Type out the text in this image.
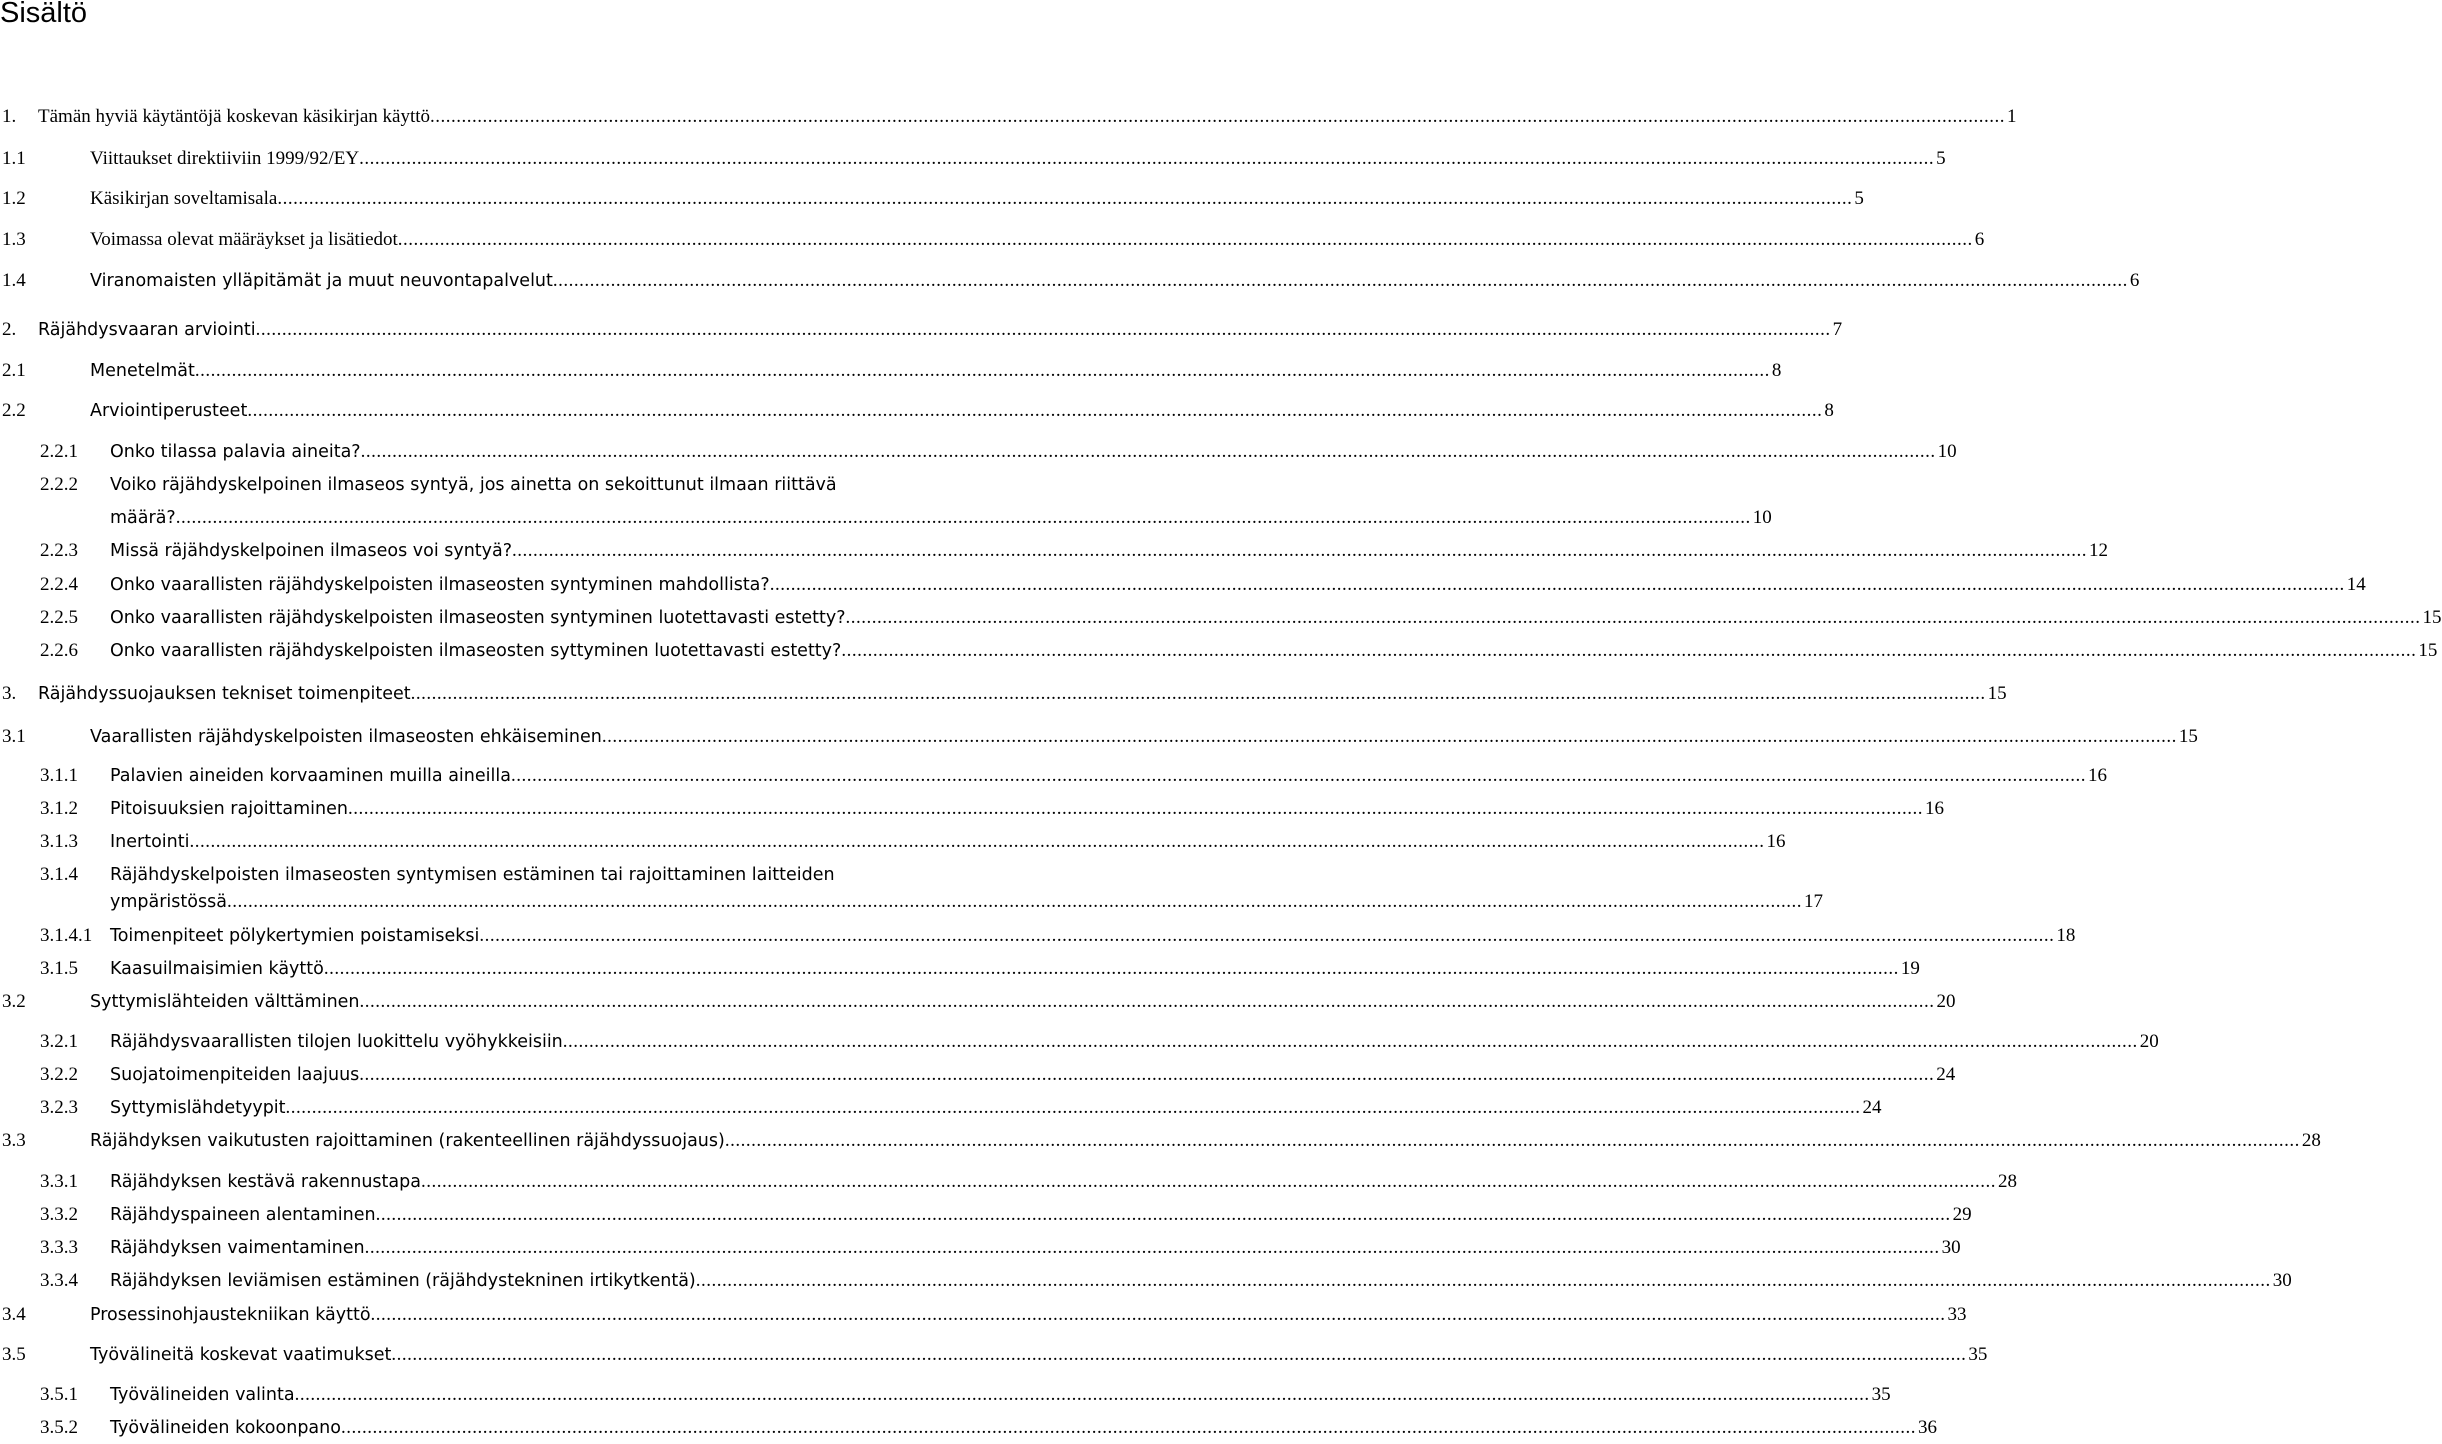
Sisältö
1.	Tämän hyviä käytäntöjä koskevan käsikirjan käyttö ............................................................................................................................................................................................................................................................................................................ 1
1.1	Viittaukset direktiiviin 1999/92/EY ............................................................................................................................................................................................................................................................................................................ 5
1.2	Käsikirjan soveltamisala ............................................................................................................................................................................................................................................................................................................ 5
1.3	Voimassa olevat määräykset ja lisätiedot ............................................................................................................................................................................................................................................................................................................ 6
1.4	Viranomaisten ylläpitämät ja muut neuvontapalvelut ............................................................................................................................................................................................................................................................................................................ 6
2.	Räjähdysvaaran arviointi ............................................................................................................................................................................................................................................................................................................ 7
2.1	Menetelmät ............................................................................................................................................................................................................................................................................................................ 8
2.2	Arviointiperusteet ............................................................................................................................................................................................................................................................................................................ 8
2.2.1	Onko tilassa palavia aineita? ............................................................................................................................................................................................................................................................................................................ 10
2.2.2	Voiko räjähdyskelpoinen ilmaseos syntyä, jos ainetta on sekoittunut ilmaan riittävä
määrä? ............................................................................................................................................................................................................................................................................................................ 10
2.2.3	Missä räjähdyskelpoinen ilmaseos voi syntyä? ............................................................................................................................................................................................................................................................................................................ 12
2.2.4	Onko vaarallisten räjähdyskelpoisten ilmaseosten syntyminen mahdollista? ............................................................................................................................................................................................................................................................................................................ 14
2.2.5	Onko vaarallisten räjähdyskelpoisten ilmaseosten syntyminen luotettavasti estetty? ............................................................................................................................................................................................................................................................................................................ 15
2.2.6	Onko vaarallisten räjähdyskelpoisten ilmaseosten syttyminen luotettavasti estetty? ............................................................................................................................................................................................................................................................................................................ 15
3.	Räjähdyssuojauksen tekniset toimenpiteet ............................................................................................................................................................................................................................................................................................................ 15
3.1	Vaarallisten räjähdyskelpoisten ilmaseosten ehkäiseminen ............................................................................................................................................................................................................................................................................................................ 15
3.1.1	Palavien aineiden korvaaminen muilla aineilla ............................................................................................................................................................................................................................................................................................................ 16
3.1.2	Pitoisuuksien rajoittaminen ............................................................................................................................................................................................................................................................................................................ 16
3.1.3	Inertointi ............................................................................................................................................................................................................................................................................................................ 16
3.1.4	Räjähdyskelpoisten ilmaseosten syntymisen estäminen tai rajoittaminen laitteiden
ympäristössä ............................................................................................................................................................................................................................................................................................................ 17
3.1.4.1	Toimenpiteet pölykertymien poistamiseksi ............................................................................................................................................................................................................................................................................................................ 18
3.1.5	Kaasuilmaisimien käyttö ............................................................................................................................................................................................................................................................................................................ 19
3.2	Syttymislähteiden välttäminen ............................................................................................................................................................................................................................................................................................................ 20
3.2.1	Räjähdysvaarallisten tilojen luokittelu vyöhykkeisiin ............................................................................................................................................................................................................................................................................................................ 20
3.2.2	Suojatoimenpiteiden laajuus ............................................................................................................................................................................................................................................................................................................ 24
3.2.3	Syttymislähdetyypit ............................................................................................................................................................................................................................................................................................................ 24
3.3	Räjähdyksen vaikutusten rajoittaminen (rakenteellinen räjähdyssuojaus) ............................................................................................................................................................................................................................................................................................................ 28
3.3.1	Räjähdyksen kestävä rakennustapa ............................................................................................................................................................................................................................................................................................................ 28
3.3.2	Räjähdyspaineen alentaminen ............................................................................................................................................................................................................................................................................................................ 29
3.3.3	Räjähdyksen vaimentaminen ............................................................................................................................................................................................................................................................................................................ 30
3.3.4	Räjähdyksen leviämisen estäminen (räjähdystekninen irtikytkentä) ............................................................................................................................................................................................................................................................................................................ 30
3.4	Prosessinohjaustekniikan käyttö ............................................................................................................................................................................................................................................................................................................ 33
3.5	Työvälineitä koskevat vaatimukset ............................................................................................................................................................................................................................................................................................................ 35
3.5.1	Työvälineiden valinta ............................................................................................................................................................................................................................................................................................................ 35
3.5.2	Työvälineiden kokoonpano ............................................................................................................................................................................................................................................................................................................ 36
